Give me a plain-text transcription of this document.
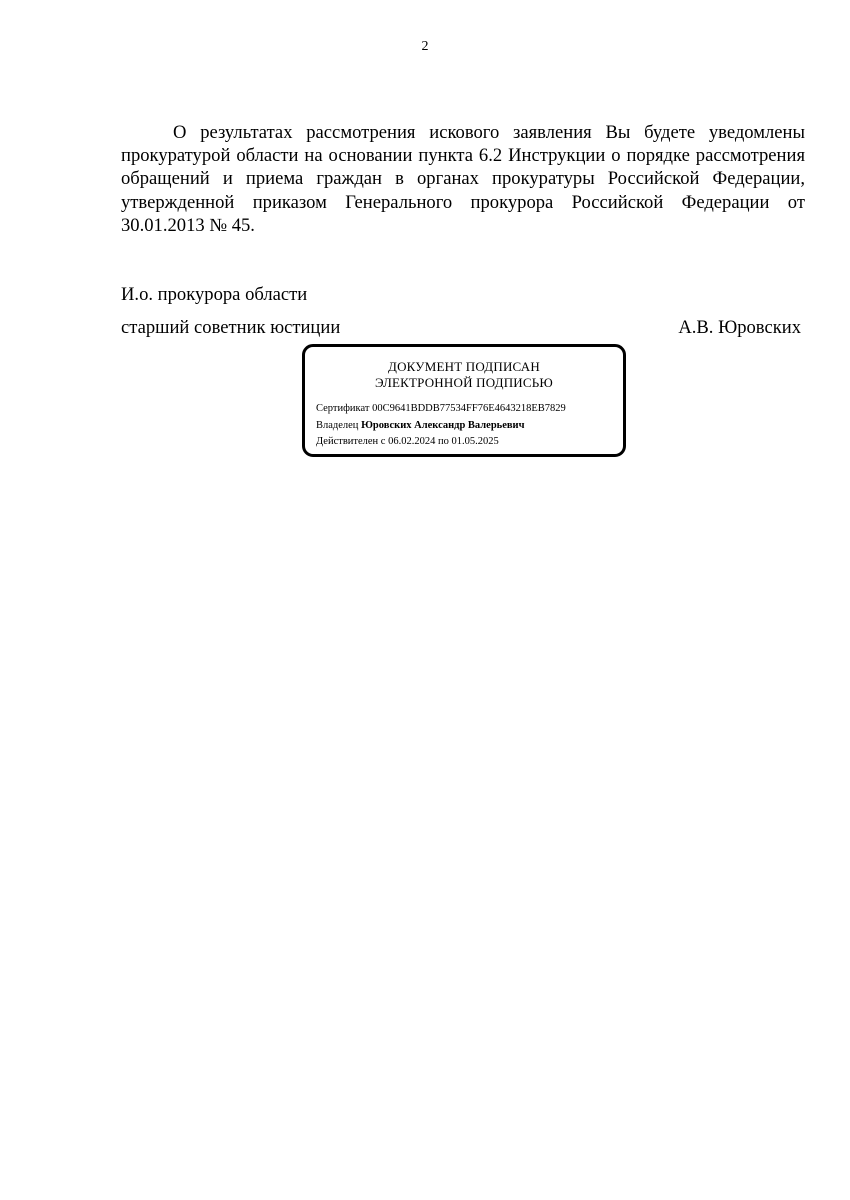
2

О результатах рассмотрения искового заявления Вы будете уведомлены прокуратурой области на основании пункта 6.2 Инструкции о порядке рассмотрения обращений и приема граждан в органах прокуратуры Российской Федерации, утвержденной приказом Генерального прокурора Российской Федерации от 30.01.2013 № 45.

И.о. прокурора области
старший советник юстиции	А.В. Юровских
ДОКУМЕНТ ПОДПИСАН
ЭЛЕКТРОННОЙ ПОДПИСЬЮ
Сертификат 00C9641BDDB77534FF76E4643218EB7829
Владелец Юровских Александр Валерьевич
Действителен с 06.02.2024 по 01.05.2025
